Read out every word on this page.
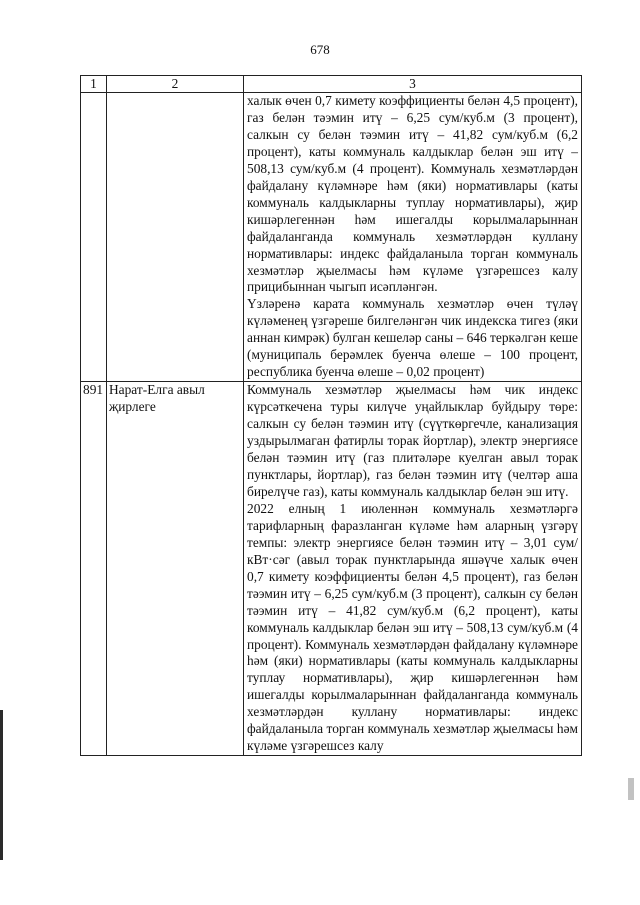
678
1	2	3

		халык өчен 0,7 кимету коэффициенты белән 4,5 процент), газ белән тәэмин итү – 6,25 сум/куб.м (3 процент), салкын су белән тәэмин итү – 41,82 сум/куб.м (6,2 процент), каты коммуналь калдыклар белән эш итү – 508,13 сум/куб.м (4 процент). Коммуналь хезмәтләрдән файдалану күләмнәре һәм (яки) нормативлары (каты коммуналь калдыкларны туплау нормативлары), җир кишәрлегеннән һәм ишегалды корылмаларыннан файдаланганда коммуналь хезмәтләрдән куллану нормативлары: индекс файдаланыла торган коммуналь хезмәтләр җыелмасы һәм күләме үзгәрешсез калу прицибыннан чыгып исәпләнгән.

Үзләренә карата коммуналь хезмәтләр өчен түләү күләменең үзгәреше билгеләнгән чик индекска тигез (яки аннан кимрәк) булган кешеләр саны – 646 теркәлгән кеше (муниципаль берәмлек буенча өлеше – 100 процент, республика буенча өлеше – 0,02 процент)

891	Нарат-Елга авыл җирлеге	Коммуналь хезмәтләр җыелмасы һәм чик индекс күрсәткечена туры килүче уңайлыклар буйдыру төре: салкын су белән тәэмин итү (сүүткөргечле, канализация уздырылмаган фатирлы торак йортлар), электр энергиясе белән тәэмин итү (газ плитәләре куелган авыл торак пунктлары, йортлар), газ белән тәэмин итү (челтәр аша бирелүче газ), каты коммуналь калдыклар белән эш итү.

2022 елның 1 июленнән коммуналь хезмәтләргә тарифларның фаразланган күләме һәм аларның үзгәрү темпы: электр энергиясе белән тәэмин итү – 3,01 сум/кВт·сәг (авыл торак пунктларында яшәүче халык өчен 0,7 кимету коэффициенты белән 4,5 процент), газ белән тәэмин итү – 6,25 сум/куб.м (3 процент), салкын су белән тәэмин итү – 41,82 сум/куб.м (6,2 процент), каты коммуналь калдыклар белән эш итү – 508,13 сум/куб.м (4 процент). Коммуналь хезмәтләрдән файдалану күләмнәре һәм (яки) нормативлары (каты коммуналь калдыкларны туплау нормативлары), җир кишәрлегеннән һәм ишегалды корылмаларыннан файдаланганда коммуналь хезмәтләрдән куллану нормативлары: индекс файдаланыла торган коммуналь хезмәтләр җыелмасы һәм күләме үзгәрешсез калу
